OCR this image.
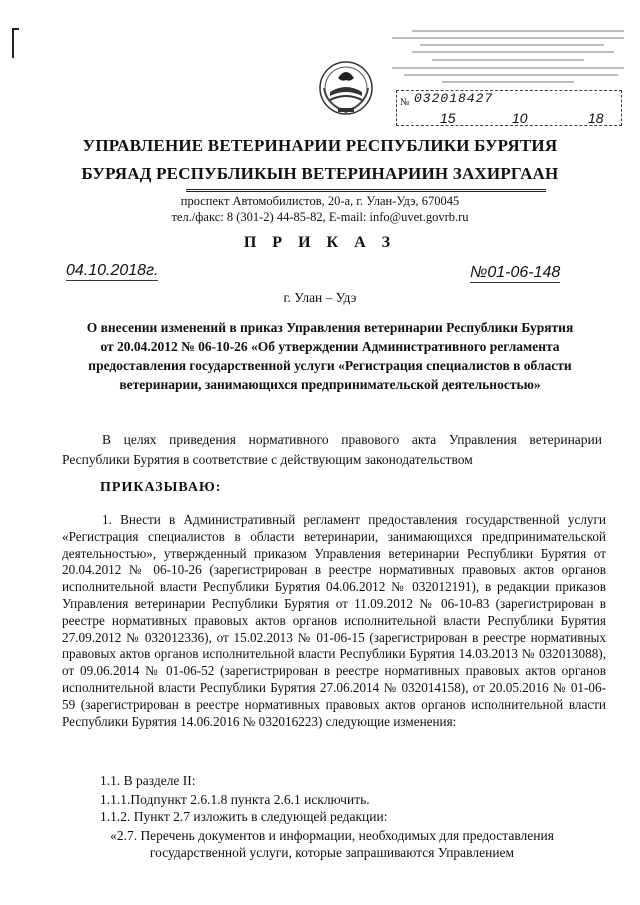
№ 032018427
15	10	18
УПРАВЛЕНИЕ ВЕТЕРИНАРИИ РЕСПУБЛИКИ БУРЯТИЯ
БУРЯАД РЕСПУБЛИКЫН ВЕТЕРИНАРИИН ЗАХИРГААН
проспект Автомобилистов, 20-а, г. Улан-Удэ, 670045
тел./факс: 8 (301-2) 44-85-82, E-mail: info@uvet.govrb.ru
П Р И К А З
04.10.2018г.	№01-06-148
г. Улан – Удэ
О внесении изменений в приказ Управления ветеринарии Республики Бурятия от 20.04.2012 № 06-10-26 «Об утверждении Административного регламента предоставления государственной услуги «Регистрация специалистов в области ветеринарии, занимающихся предпринимательской деятельностью»
В целях приведения нормативного правового акта Управления ветеринарии Республики Бурятия в соответствие с действующим законодательством
ПРИКАЗЫВАЮ:
1. Внести в Административный регламент предоставления государственной услуги «Регистрация специалистов в области ветеринарии, занимающихся предпринимательской деятельностью», утвержденный приказом Управления ветеринарии Республики Бурятия от 20.04.2012 № 06-10-26 (зарегистрирован в реестре нормативных правовых актов органов исполнительной власти Республики Бурятия 04.06.2012 № 032012191), в редакции приказов Управления ветеринарии Республики Бурятия от 11.09.2012 № 06-10-83 (зарегистрирован в реестре нормативных правовых актов органов исполнительной власти Республики Бурятия 27.09.2012 № 032012336), от 15.02.2013 № 01-06-15 (зарегистрирован в реестре нормативных правовых актов органов исполнительной власти Республики Бурятия 14.03.2013 № 032013088), от 09.06.2014 № 01-06-52 (зарегистрирован в реестре нормативных правовых актов органов исполнительной власти Республики Бурятия 27.06.2014 № 032014158), от 20.05.2016 № 01-06-59 (зарегистрирован в реестре нормативных правовых актов органов исполнительной власти Республики Бурятия 14.06.2016 № 032016223) следующие изменения:
1.1. В разделе II:
1.1.1.Подпункт 2.6.1.8 пункта 2.6.1 исключить.
1.1.2. Пункт 2.7 изложить в следующей редакции:
«2.7. Перечень документов и информации, необходимых для предоставления государственной услуги, которые запрашиваются Управлением
